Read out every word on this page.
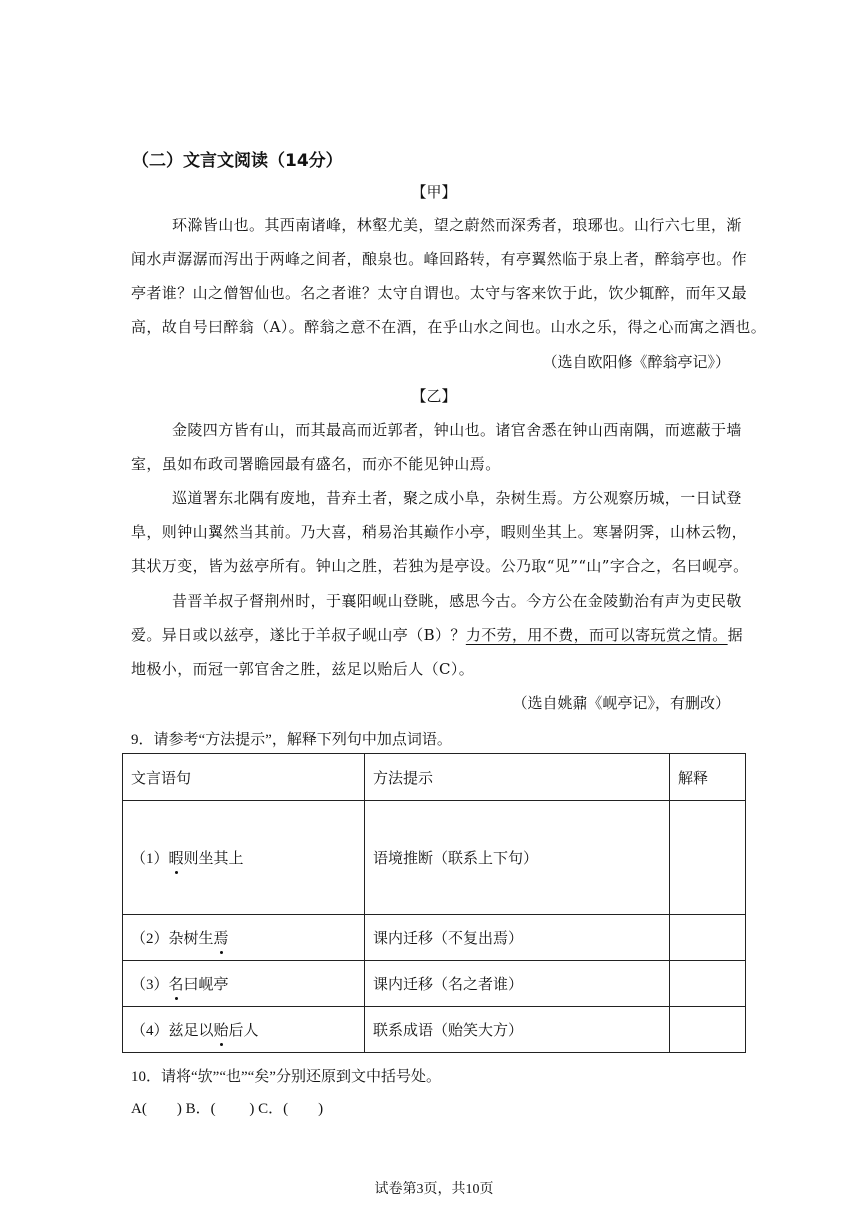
（二）文言文阅读（14分）
【甲】
环滁皆山也。其西南诸峰，林壑尤美，望之蔚然而深秀者，琅琊也。山行六七里，渐
闻水声潺潺而泻出于两峰之间者，酿泉也。峰回路转，有亭翼然临于泉上者，醉翁亭也。作
亭者谁？山之僧智仙也。名之者谁？太守自谓也。太守与客来饮于此，饮少辄醉，而年又最
高，故自号曰醉翁（A）。醉翁之意不在酒，在乎山水之间也。山水之乐，得之心而寓之酒也。
（选自欧阳修《醉翁亭记》）
【乙】
金陵四方皆有山，而其最高而近郭者，钟山也。诸官舍悉在钟山西南隅，而遮蔽于墙
室，虽如布政司署瞻园最有盛名，而亦不能见钟山焉。
巡道署东北隅有废地，昔弃土者，聚之成小阜，杂树生焉。方公观察历城，一日试登
阜，则钟山翼然当其前。乃大喜，稍易治其巅作小亭，暇则坐其上。寒暑阴霁，山林云物，
其状万变，皆为兹亭所有。钟山之胜，若独为是亭设。公乃取“见”“山”字合之，名曰岘亭。
昔晋羊叔子督荆州时，于襄阳岘山登眺，感思今古。今方公在金陵勤治有声为吏民敬
爱。异日或以兹亭，遂比于羊叔子岘山亭（B）？力不劳，用不费，而可以寄玩赏之情。据
地极小，而冠一郭官舍之胜，兹足以贻后人（C）。
（选自姚鼐《岘亭记》，有删改）
9．请参考“方法提示”，解释下列句中加点词语。
文言语句	方法提示	解释
（1）暇则坐其上	语境推断（联系上下句）	
（2）杂树生焉	课内迁移（不复出焉）	
（3）名曰岘亭	课内迁移（名之者谁）	
（4）兹足以贻后人	联系成语（贻笑大方）	
10．请将“欤”“也”“矣”分别还原到文中括号处。
A(        ) B．(         ) C．(        )
试卷第3页，共10页
